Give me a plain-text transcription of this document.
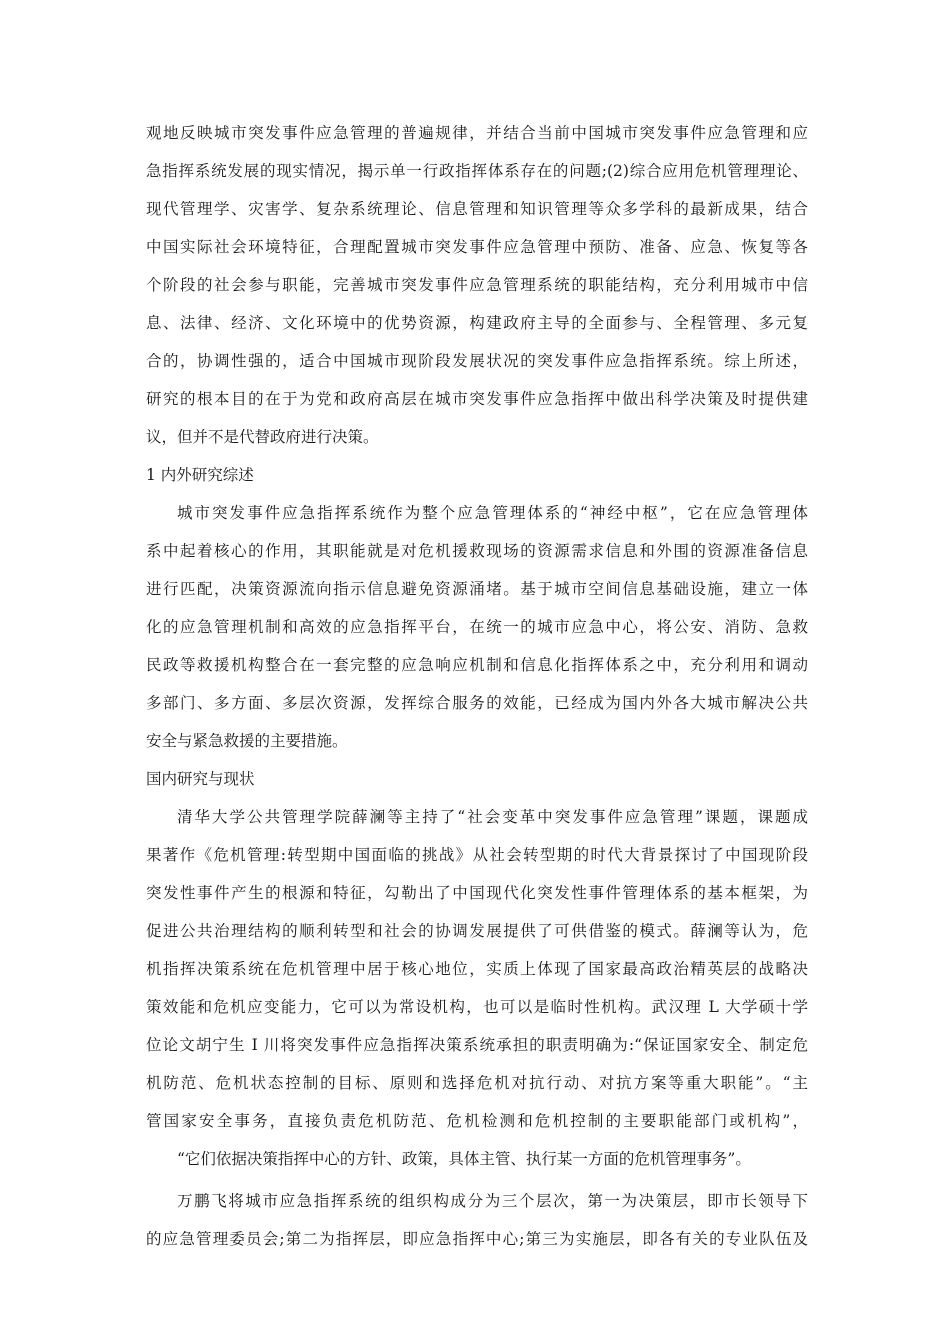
观地反映城市突发事件应急管理的普遍规律，并结合当前中国城市突发事件应急管理和应
急指挥系统发展的现实情况，揭示单一行政指挥体系存在的问题;(2)综合应用危机管理理论、
现代管理学、灾害学、复杂系统理论、信息管理和知识管理等众多学科的最新成果，结合
中国实际社会环境特征，合理配置城市突发事件应急管理中预防、准备、应急、恢复等各
个阶段的社会参与职能，完善城市突发事件应急管理系统的职能结构，充分利用城市中信
息、法律、经济、文化环境中的优势资源，构建政府主导的全面参与、全程管理、多元复
合的，协调性强的，适合中国城市现阶段发展状况的突发事件应急指挥系统。综上所述，
研究的根本目的在于为党和政府高层在城市突发事件应急指挥中做出科学决策及时提供建
议，但并不是代替政府进行决策。
1 内外研究综述
城市突发事件应急指挥系统作为整个应急管理体系的“神经中枢”，它在应急管理体
系中起着核心的作用，其职能就是对危机援救现场的资源需求信息和外围的资源准备信息
进行匹配，决策资源流向指示信息避免资源涌堵。基于城市空间信息基础设施，建立一体
化的应急管理机制和高效的应急指挥平台，在统一的城市应急中心，将公安、消防、急救
民政等救援机构整合在一套完整的应急响应机制和信息化指挥体系之中，充分利用和调动
多部门、多方面、多层次资源，发挥综合服务的效能，已经成为国内外各大城市解决公共
安全与紧急救援的主要措施。
国内研究与现状
清华大学公共管理学院薛澜等主持了“社会变革中突发事件应急管理”课题，课题成
果著作《危机管理:转型期中国面临的挑战》从社会转型期的时代大背景探讨了中国现阶段
突发性事件产生的根源和特征，勾勒出了中国现代化突发性事件管理体系的基本框架，为
促进公共治理结构的顺利转型和社会的协调发展提供了可供借鉴的模式。薛澜等认为，危
机指挥决策系统在危机管理中居于核心地位，实质上体现了国家最高政治精英层的战略决
策效能和危机应变能力，它可以为常设机构，也可以是临时性机构。武汉理 L 大学硕十学
位论文胡宁生 I 川将突发事件应急指挥决策系统承担的职责明确为:“保证国家安全、制定危
机防范、危机状态控制的目标、原则和选择危机对抗行动、对抗方案等重大职能”。“主
管国家安全事务，直接负责危机防范、危机检测和危机控制的主要职能部门或机构”，
“它们依据决策指挥中心的方针、政策，具体主管、执行某一方面的危机管理事务”。
万鹏飞将城市应急指挥系统的组织构成分为三个层次，第一为决策层，即市长领导下
的应急管理委员会;第二为指挥层，即应急指挥中心;第三为实施层，即各有关的专业队伍及
